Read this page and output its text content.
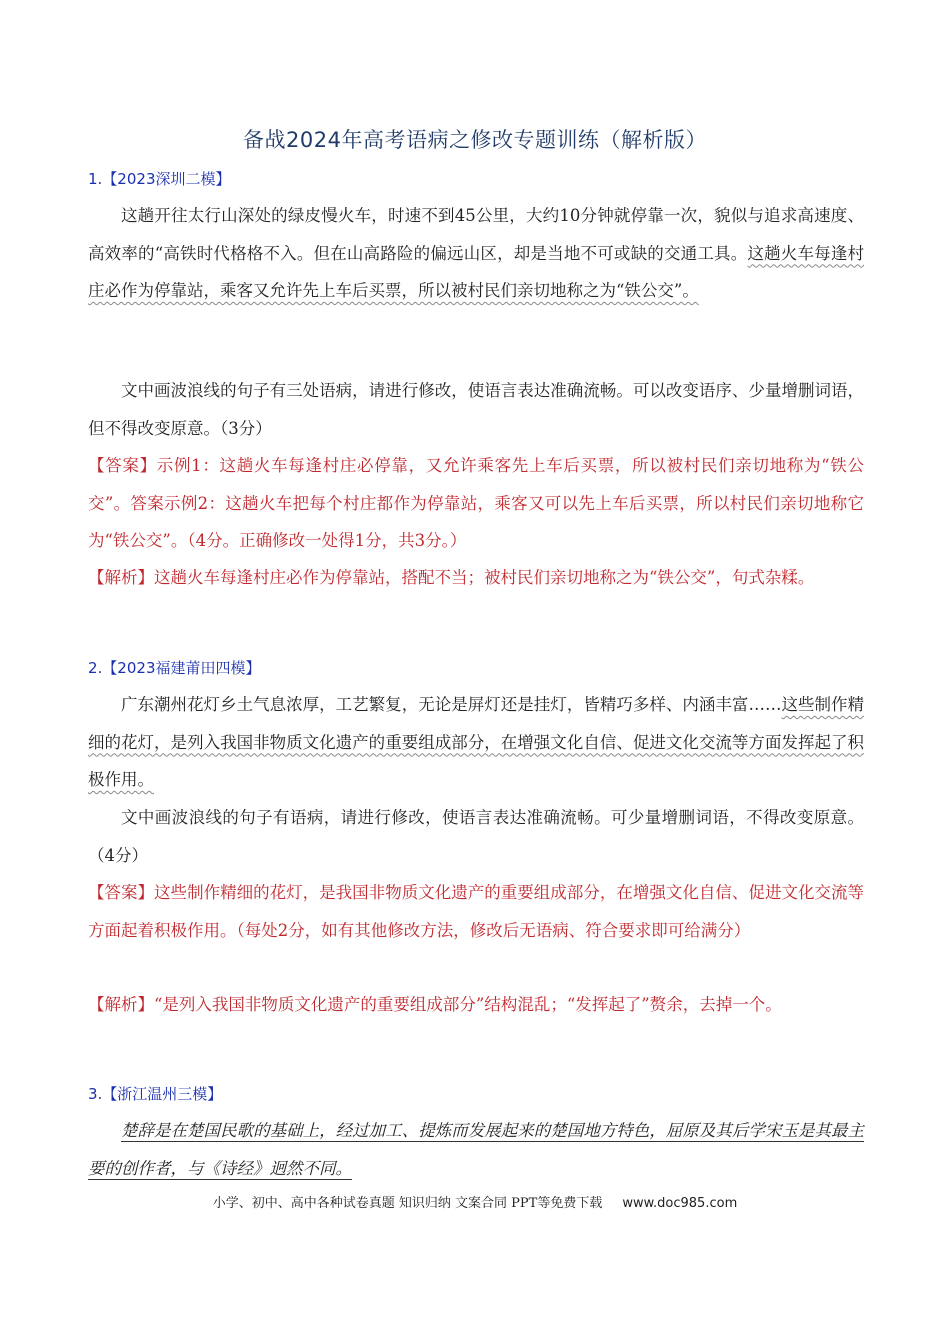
备战2024年高考语病之修改专题训练（解析版）
1.【2023深圳二模】

这趟开往太行山深处的绿皮慢火车，时速不到45公里，大约10分钟就停靠一次，貌似与追求高速度、高效率的“高铁时代格格不入。但在山高路险的偏远山区，却是当地不可或缺的交通工具。这趟火车每逢村庄必作为停靠站，乘客又允许先上车后买票，所以被村民们亲切地称之为“铁公交”。

文中画波浪线的句子有三处语病，请进行修改，使语言表达准确流畅。可以改变语序、少量增删词语，但不得改变原意。（3分）

【答案】示例1：这趟火车每逢村庄必停靠，又允许乘客先上车后买票，所以被村民们亲切地称为“铁公交”。答案示例2：这趟火车把每个村庄都作为停靠站，乘客又可以先上车后买票，所以村民们亲切地称它为“铁公交”。（4分。正确修改一处得1分，共3分。）

【解析】这趟火车每逢村庄必作为停靠站，搭配不当；被村民们亲切地称之为“铁公交”，句式杂糅。

2.【2023福建莆田四模】

广东潮州花灯乡土气息浓厚，工艺繁复，无论是屏灯还是挂灯，皆精巧多样、内涵丰富……这些制作精细的花灯，是列入我国非物质文化遗产的重要组成部分，在增强文化自信、促进文化交流等方面发挥起了积极作用。

文中画波浪线的句子有语病，请进行修改，使语言表达准确流畅。可少量增删词语，不得改变原意。（4分）

【答案】这些制作精细的花灯，是我国非物质文化遗产的重要组成部分，在增强文化自信、促进文化交流等方面起着积极作用。（每处2分，如有其他修改方法，修改后无语病、符合要求即可给满分）

【解析】“是列入我国非物质文化遗产的重要组成部分”结构混乱；“发挥起了”赘余，去掉一个。

3.【浙江温州三模】

楚辞是在楚国民歌的基础上，经过加工、提炼而发展起来的楚国地方特色，屈原及其后学宋玉是其最主要的创作者，与《诗经》迥然不同。

小学、初中、高中各种试卷真题 知识归纳 文案合同 PPT等免费下载 www.doc985.com
